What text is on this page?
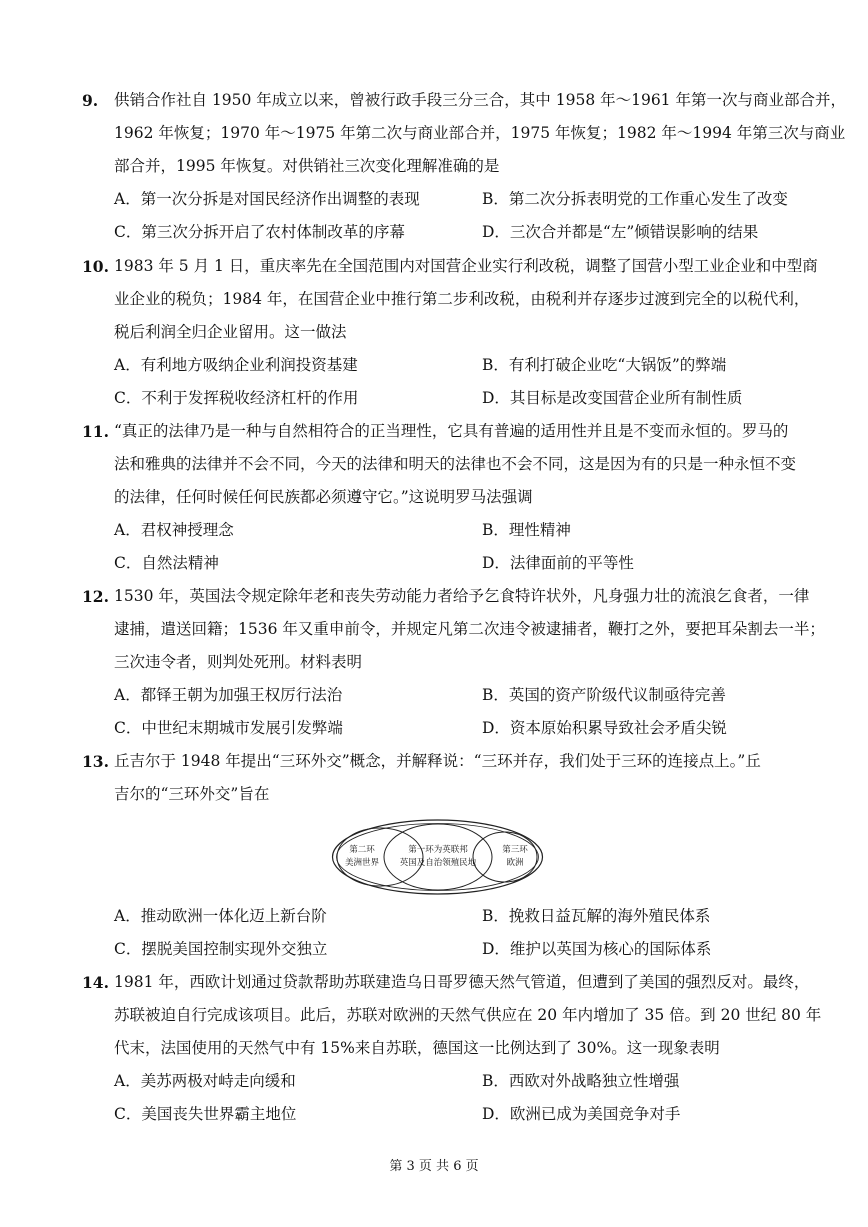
9. 供销合作社自 1950 年成立以来，曾被行政手段三分三合，其中 1958 年～1961 年第一次与商业部合并，
1962 年恢复；1970 年～1975 年第二次与商业部合并，1975 年恢复；1982 年～1994 年第三次与商业
部合并，1995 年恢复。对供销社三次变化理解准确的是
A．第一次分拆是对国民经济作出调整的表现	B．第二次分拆表明党的工作重心发生了改变
C．第三次分拆开启了农村体制改革的序幕	D．三次合并都是“左”倾错误影响的结果
10. 1983 年 5 月 1 日，重庆率先在全国范围内对国营企业实行利改税，调整了国营小型工业企业和中型商
业企业的税负；1984 年，在国营企业中推行第二步利改税，由税利并存逐步过渡到完全的以税代利，
税后利润全归企业留用。这一做法
A．有利地方吸纳企业利润投资基建	B．有利打破企业吃“大锅饭”的弊端
C．不利于发挥税收经济杠杆的作用	D．其目标是改变国营企业所有制性质
11. “真正的法律乃是一种与自然相符合的正当理性，它具有普遍的适用性并且是不变而永恒的。罗马的
法和雅典的法律并不会不同，今天的法律和明天的法律也不会不同，这是因为有的只是一种永恒不变
的法律，任何时候任何民族都必须遵守它。”这说明罗马法强调
A．君权神授理念	B．理性精神
C．自然法精神	D．法律面前的平等性
12. 1530 年，英国法令规定除年老和丧失劳动能力者给予乞食特许状外，凡身强力壮的流浪乞食者，一律
逮捕，遣送回籍；1536 年又重申前令，并规定凡第二次违令被逮捕者，鞭打之外，要把耳朵割去一半；
三次违令者，则判处死刑。材料表明
A．都铎王朝为加强王权厉行法治	B．英国的资产阶级代议制亟待完善
C．中世纪末期城市发展引发弊端	D．资本原始积累导致社会矛盾尖锐
13. 丘吉尔于 1948 年提出“三环外交”概念，并解释说：“三环并存，我们处于三环的连接点上。”丘
吉尔的“三环外交”旨在
第二环
美洲世界
第一环为英联邦
英国及自治领殖民地
第三环
欧洲
A．推动欧洲一体化迈上新台阶	B．挽救日益瓦解的海外殖民体系
C．摆脱美国控制实现外交独立	D．维护以英国为核心的国际体系
14. 1981 年，西欧计划通过贷款帮助苏联建造乌日哥罗德天然气管道，但遭到了美国的强烈反对。最终，
苏联被迫自行完成该项目。此后，苏联对欧洲的天然气供应在 20 年内增加了 35 倍。到 20 世纪 80 年
代末，法国使用的天然气中有 15%来自苏联，德国这一比例达到了 30%。这一现象表明
A．美苏两极对峙走向缓和	B．西欧对外战略独立性增强
C．美国丧失世界霸主地位	D．欧洲已成为美国竞争对手
第 3 页 共 6 页
